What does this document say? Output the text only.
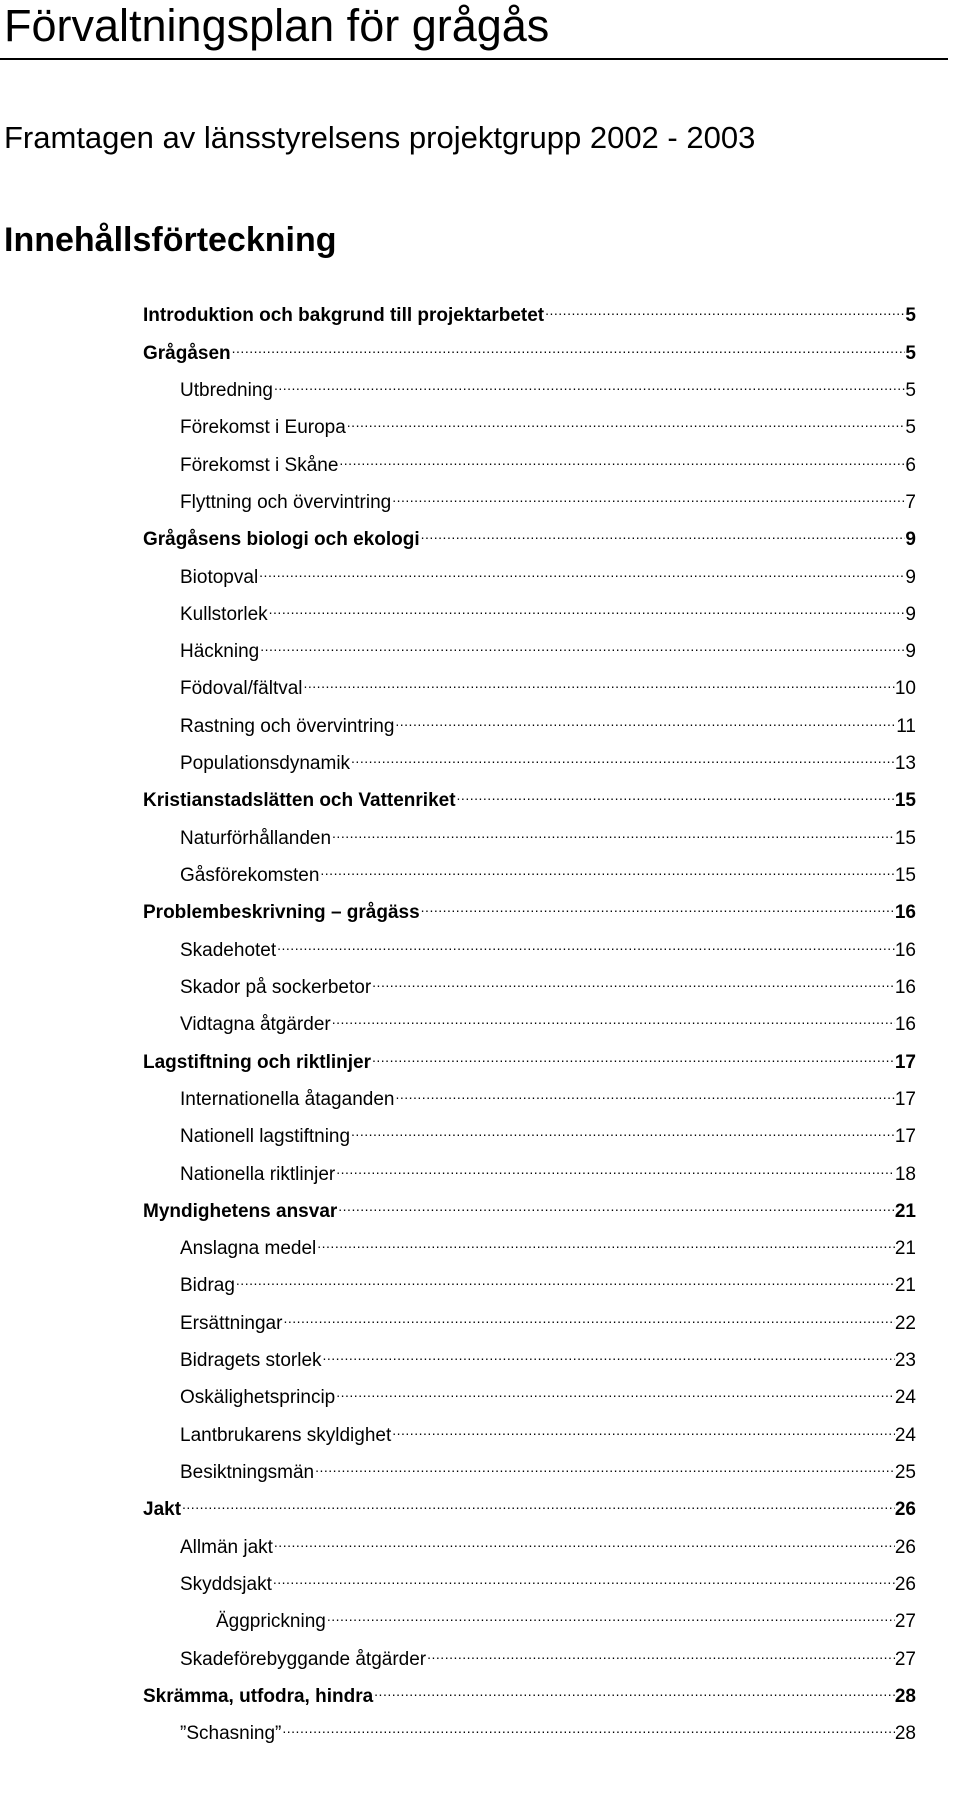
Förvaltningsplan för grågås
Framtagen av länsstyrelsens projektgrupp 2002 - 2003
Innehållsförteckning
Introduktion och bakgrund till projektarbetet .....	5
Grågåsen .....	5
Utbredning .....	5
Förekomst i Europa .....	5
Förekomst i Skåne .....	6
Flyttning och övervintring .....	7
Grågåsens biologi och ekologi .....	9
Biotopval .....	9
Kullstorlek .....	9
Häckning .....	9
Födoval/fältval .....	10
Rastning och övervintring .....	11
Populationsdynamik .....	13
Kristianstadslätten och Vattenriket .....	15
Naturförhållanden .....	15
Gåsförekomsten .....	15
Problembeskrivning – grågäss .....	16
Skadehotet .....	16
Skador på sockerbetor .....	16
Vidtagna åtgärder .....	16
Lagstiftning och riktlinjer .....	17
Internationella åtaganden .....	17
Nationell lagstiftning .....	17
Nationella riktlinjer .....	18
Myndighetens ansvar .....	21
Anslagna medel .....	21
Bidrag .....	21
Ersättningar .....	22
Bidragets storlek .....	23
Oskälighetsprincip .....	24
Lantbrukarens skyldighet .....	24
Besiktningsmän .....	25
Jakt .....	26
Allmän jakt .....	26
Skyddsjakt .....	26
Äggprickning .....	27
Skadeförebyggande åtgärder .....	27
Skrämma, utfodra, hindra .....	28
”Schasning” .....	28
